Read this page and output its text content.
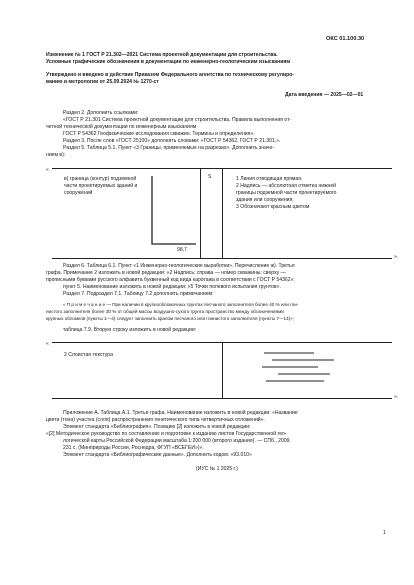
ОКС 01.100.30
Изменение № 1 ГОСТ Р 21.302—2021 Система проектной документации для строительства.
Условные графические обозначения в документации по инженерно-геологическим изысканиям
Утверждено и введено в действие Приказом Федерального агентства по техническому регулиро-
ванию и метрологии от 25.09.2024 № 1270-ст
Дата введения — 2025—02—01
Раздел 2. Дополнить ссылками:
«ГОСТ Р 21.301 Система проектной документации для строительства. Правила выполнения от-
четной технической документации по инженерным изысканиям
ГОСТ Р 54362 Геофизические исследования скважин. Термины и определения».
Раздел 3. После слов «ГОСТ 25100» дополнить словами: «ГОСТ Р 54362, ГОСТ Р 21.301,».
Раздел 5. Таблица 5.1. Пункт «3 Границы, применяемые на разрезах». Дополнить значе-
нием в):
«
».
в) граница (контур) подземной
части проектируемых зданий и
сооружений
98,7
S	1 Линия отводящая прямая.
2 Надпись — абсолютная отметка нижней
границы подземной части проектируемого
здания или сооружения.
3 Обозначают красным цветом
Раздел 6. Таблица 6.1. Пункт «1 Инженерно-геологические выработки». Перечисление ж). Третья
графа. Примечание 2 изложить в новой редакции: «2 Надпись: справа — номер скважины; сверху —
прописными буквами русского алфавита буквенный код вида каротажа в соответствии с ГОСТ Р 54362»;
пункт 5. Наименование изложить в новой редакции: «5 Точки полевого испытания грунтов».
Раздел 7. Подраздел 7.1. Таблицу 7.2 дополнить примечанием:
« П р и м е ч а н и е — При наличии в крупнообломочных грунтах песчаного заполнителя более 40 % или гли-
нистого заполнителя более 30 % от общей массы воздушно-сухого грунта пространство между обозначениями
крупных обломков (пункты 1—4) следует заполнить крапом песчаного или глинистого заполнителя (пункты 7—14)»;
таблица 7.9. Вторую строку изложить в новой редакции:
«
».
2 Слоистая текстура
Приложение А. Таблица А.1. Третья графа. Наименование изложить в новой редакции: «Название
цвета (тона) участка (слоя) распространения генетического типа четвертичных отложений».
Элемент стандарта «Библиография». Позицию [2] изложить в новой редакции:
«[2] Методическое руководство по составлению и подготовке к изданию листов Государственной гео-
логической карты Российской Федерации масштаба 1:200 000 (второго издания). — СПб., 2009.
231 с. (Минприроды России, Роснедра, ФГУП «ВСЕГЕИ»)».
Элемент стандарта «Библиографические данные». Дополнить кодом: «93.010»
(ИУС № 1 2025 г.)
1
